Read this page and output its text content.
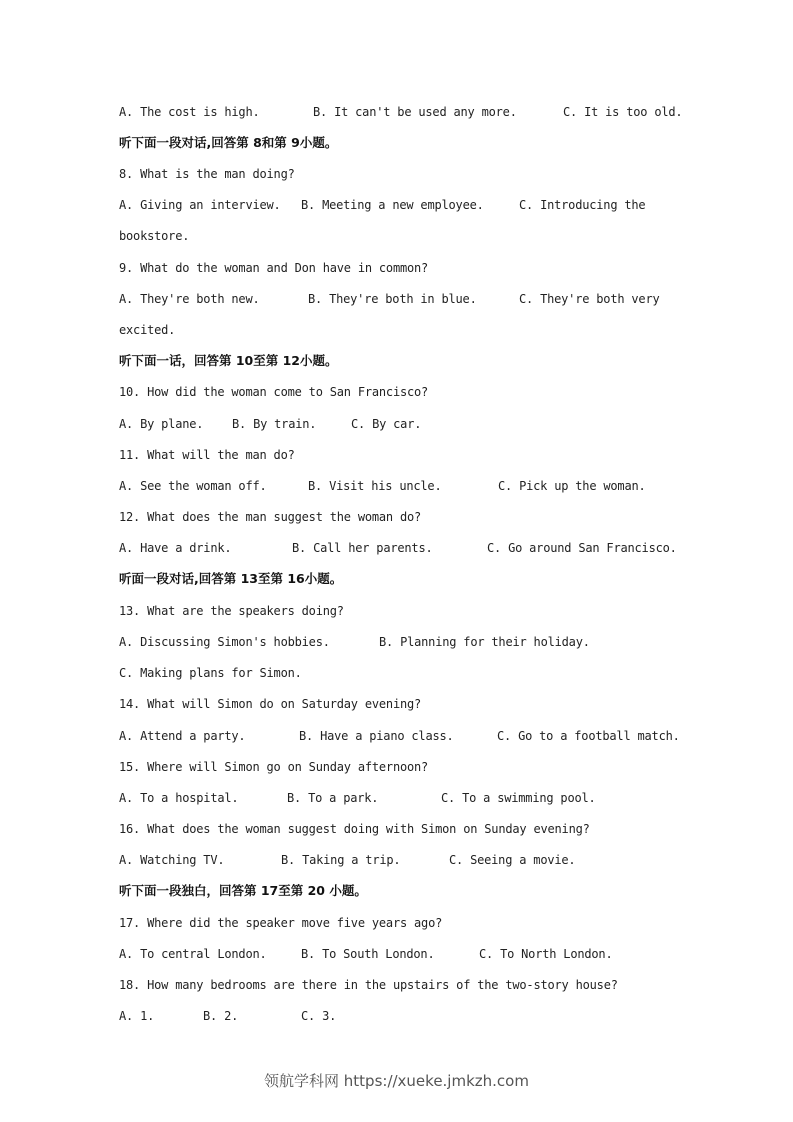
A. The cost is high.	B. It can't be used any more.	C. It is too old.
听下面一段对话,回答第 8和第 9小题。
8. What is the man doing?
A. Giving an interview. B. Meeting a new employee.	C. Introducing the
bookstore.
9. What do the woman and Don have in common?
A. They're both new.	B. They're both in blue.	C. They're both very
excited.
听下面一话，回答第 10至第 12小题。
10. How did the woman come to San Francisco?
A. By plane. B. By train.	C. By car.
11. What will the man do?
A. See the woman off.	B. Visit his uncle.	C. Pick up the woman.
12. What does the man suggest the woman do?
A. Have a drink.	B. Call her parents.	C. Go around San Francisco.
听面一段对话,回答第 13至第 16小题。
13. What are the speakers doing?
A. Discussing Simon's hobbies.	B. Planning for their holiday.
C. Making plans for Simon.
14. What will Simon do on Saturday evening?
A. Attend a party.	B. Have a piano class.	C. Go to a football match.
15. Where will Simon go on Sunday afternoon?
A. To a hospital.	B. To a park.	C. To a swimming pool.
16. What does the woman suggest doing with Simon on Sunday evening?
A. Watching TV.	B. Taking a trip.	C. Seeing a movie.
听下面一段独白，回答第 17至第 20 小题。
17. Where did the speaker move five years ago?
A. To central London.	B. To South London.	C. To North London.
18. How many bedrooms are there in the upstairs of the two-story house?
A. 1.	B. 2.	C. 3.
领航学科网 https://xueke.jmkzh.com
